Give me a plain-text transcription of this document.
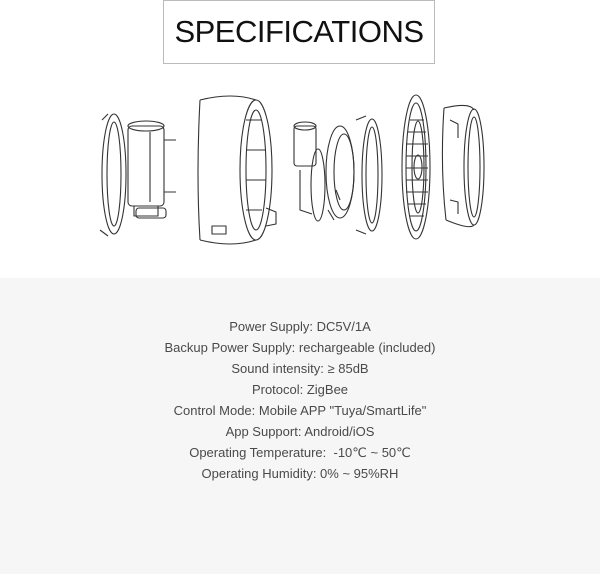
SPECIFICATIONS
Power Supply: DC5V/1A
Backup Power Supply: rechargeable (included)
Sound intensity: ≥ 85dB
Protocol: ZigBee
Control Mode: Mobile APP "Tuya/SmartLife"
App Support: Android/iOS
Operating Temperature:  -10℃ ~ 50℃
Operating Humidity: 0% ~ 95%RH
